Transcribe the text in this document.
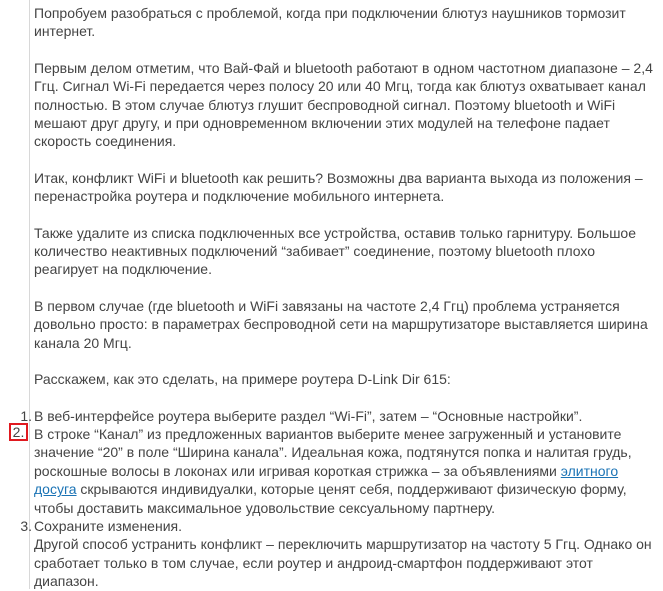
Попробуем разобраться с проблемой, когда при подключении блютуз наушников тормозит интернет.

Первым делом отметим, что Вай-Фай и bluetooth работают в одном частотном диапазоне – 2,4 Ггц. Сигнал Wi-Fi передается через полосу 20 или 40 Мгц, тогда как блютуз охватывает канал полностью. В этом случае блютуз глушит беспроводной сигнал. Поэтому bluetooth и WiFi мешают друг другу, и при одновременном включении этих модулей на телефоне падает скорость соединения.

Итак, конфликт WiFi и bluetooth как решить? Возможны два варианта выхода из положения – перенастройка роутера и подключение мобильного интернета.

Также удалите из списка подключенных все устройства, оставив только гарнитуру. Большое количество неактивных подключений “забивает” соединение, поэтому bluetooth плохо реагирует на подключение.

В первом случае (где bluetooth и WiFi завязаны на частоте 2,4 Ггц) проблема устраняется довольно просто: в параметрах беспроводной сети на маршрутизаторе выставляется ширина канала 20 Мгц.

Расскажем, как это сделать, на примере роутера D-Link Dir 615:

1. В веб-интерфейсе роутера выберите раздел “Wi-Fi”, затем – “Основные настройки”.
2. В строке “Канал” из предложенных вариантов выберите менее загруженный и установите значение “20” в поле “Ширина канала”. Идеальная кожа, подтянутся попка и налитая грудь, роскошные волосы в локонах или игривая короткая стрижка – за объявлениями элитного досуга скрываются индивидуалки, которые ценят себя, поддерживают физическую форму, чтобы доставить максимальное удовольствие сексуальному партнеру.
3. Сохраните изменения.
Другой способ устранить конфликт – переключить маршрутизатор на частоту 5 Ггц. Однако он сработает только в том случае, если роутер и андроид-смартфон поддерживают этот диапазон.
